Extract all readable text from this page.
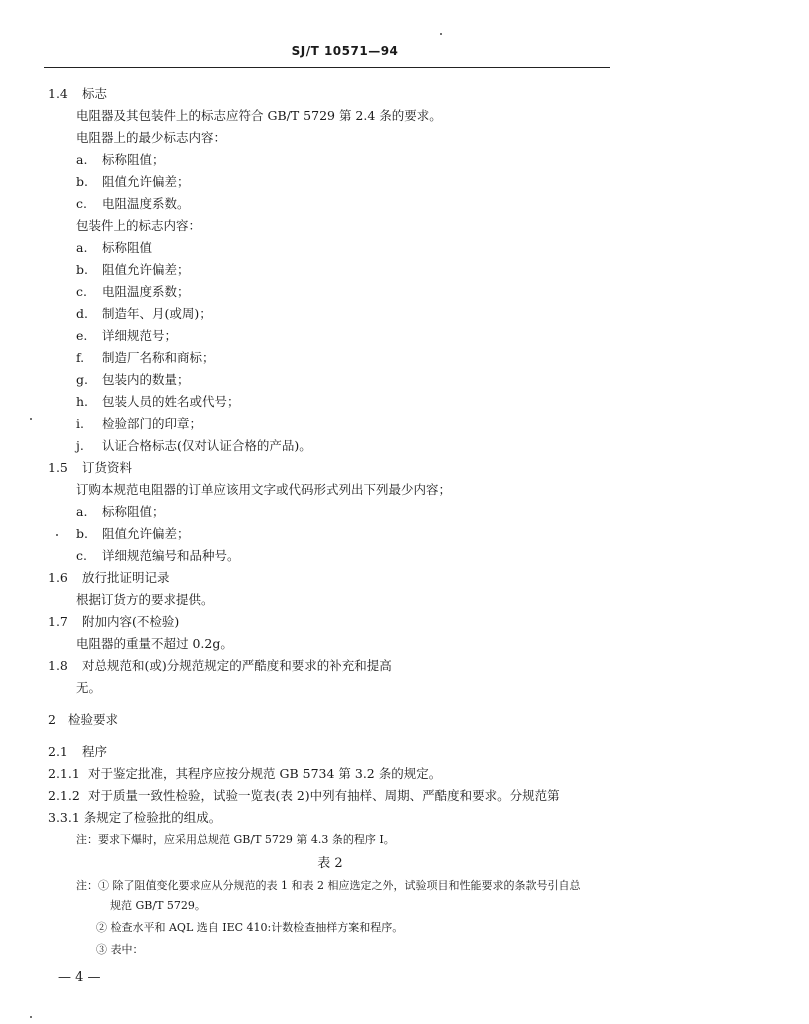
SJ/T 10571—94
1.4 标志
电阻器及其包装件上的标志应符合 GB/T 5729 第 2.4 条的要求。
电阻器上的最少标志内容：
a. 标称阻值；
b. 阻值允许偏差；
c. 电阻温度系数。
包装件上的标志内容：
a. 标称阻值
b. 阻值允许偏差；
c. 电阻温度系数；
d. 制造年、月(或周)；
e. 详细规范号；
f. 制造厂名称和商标；
g. 包装内的数量；
h. 包装人员的姓名或代号；
i. 检验部门的印章；
j. 认证合格标志(仅对认证合格的产品)。
1.5 订货资料
订购本规范电阻器的订单应该用文字或代码形式列出下列最少内容；
a. 标称阻值；
b. 阻值允许偏差；
c. 详细规范编号和品种号。
1.6 放行批证明记录
根据订货方的要求提供。
1.7 附加内容(不检验)
电阻器的重量不超过 0.2g。
1.8 对总规范和(或)分规范规定的严酷度和要求的补充和提高
无。
2 检验要求
2.1 程序
2.1.1 对于鉴定批准，其程序应按分规范 GB 5734 第 3.2 条的规定。
2.1.2 对于质量一致性检验，试验一览表(表 2)中列有抽样、周期、严酷度和要求。分规范第
3.3.1 条规定了检验批的组成。
注：要求下爆时，应采用总规范 GB/T 5729 第 4.3 条的程序 I。
表 2
注：① 除了阻值变化要求应从分规范的表 1 和表 2 相应选定之外，试验项目和性能要求的条款号引自总
规范 GB/T 5729。
② 检查水平和 AQL 选自 IEC 410:计数检查抽样方案和程序。
③ 表中：
— 4 —
